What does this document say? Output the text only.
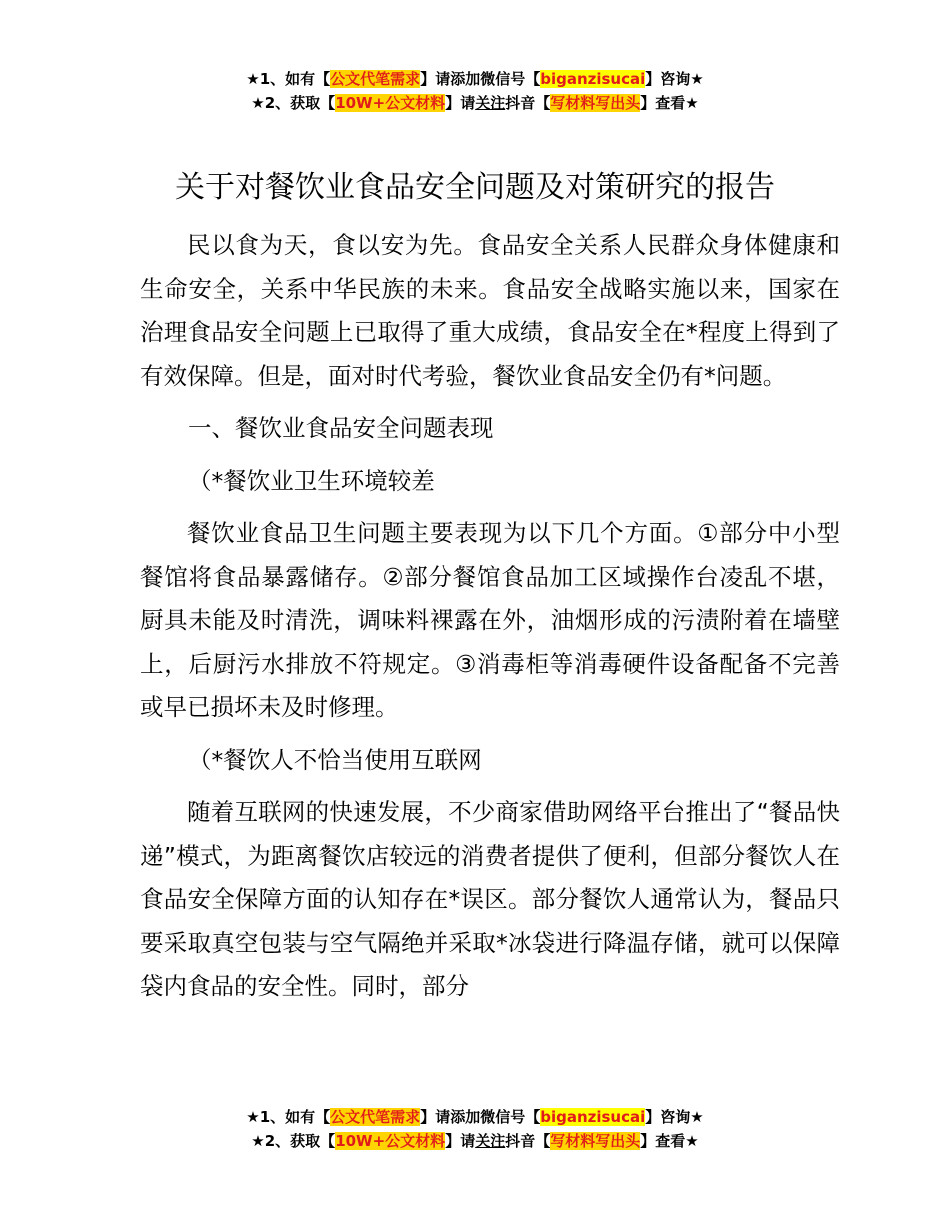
★1、如有【公文代笔需求】请添加微信号【biganzisucai】咨询★
★2、获取【10W+公文材料】请关注抖音【写材料写出头】查看★
关于对餐饮业食品安全问题及对策研究的报告

民以食为天，食以安为先。食品安全关系人民群众身体健康和生命安全，关系中华民族的未来。食品安全战略实施以来，国家在治理食品安全问题上已取得了重大成绩，食品安全在*程度上得到了有效保障。但是，面对时代考验，餐饮业食品安全仍有*问题。

一、餐饮业食品安全问题表现

（*餐饮业卫生环境较差

餐饮业食品卫生问题主要表现为以下几个方面。①部分中小型餐馆将食品暴露储存。②部分餐馆食品加工区域操作台凌乱不堪，厨具未能及时清洗，调味料裸露在外，油烟形成的污渍附着在墙壁上，后厨污水排放不符规定。③消毒柜等消毒硬件设备配备不完善或早已损坏未及时修理。

（*餐饮人不恰当使用互联网

随着互联网的快速发展，不少商家借助网络平台推出了“餐品快递”模式，为距离餐饮店较远的消费者提供了便利，但部分餐饮人在食品安全保障方面的认知存在*误区。部分餐饮人通常认为，餐品只要采取真空包装与空气隔绝并采取*冰袋进行降温存储，就可以保障袋内食品的安全性。同时，部分

★1、如有【公文代笔需求】请添加微信号【biganzisucai】咨询★
★2、获取【10W+公文材料】请关注抖音【写材料写出头】查看★
